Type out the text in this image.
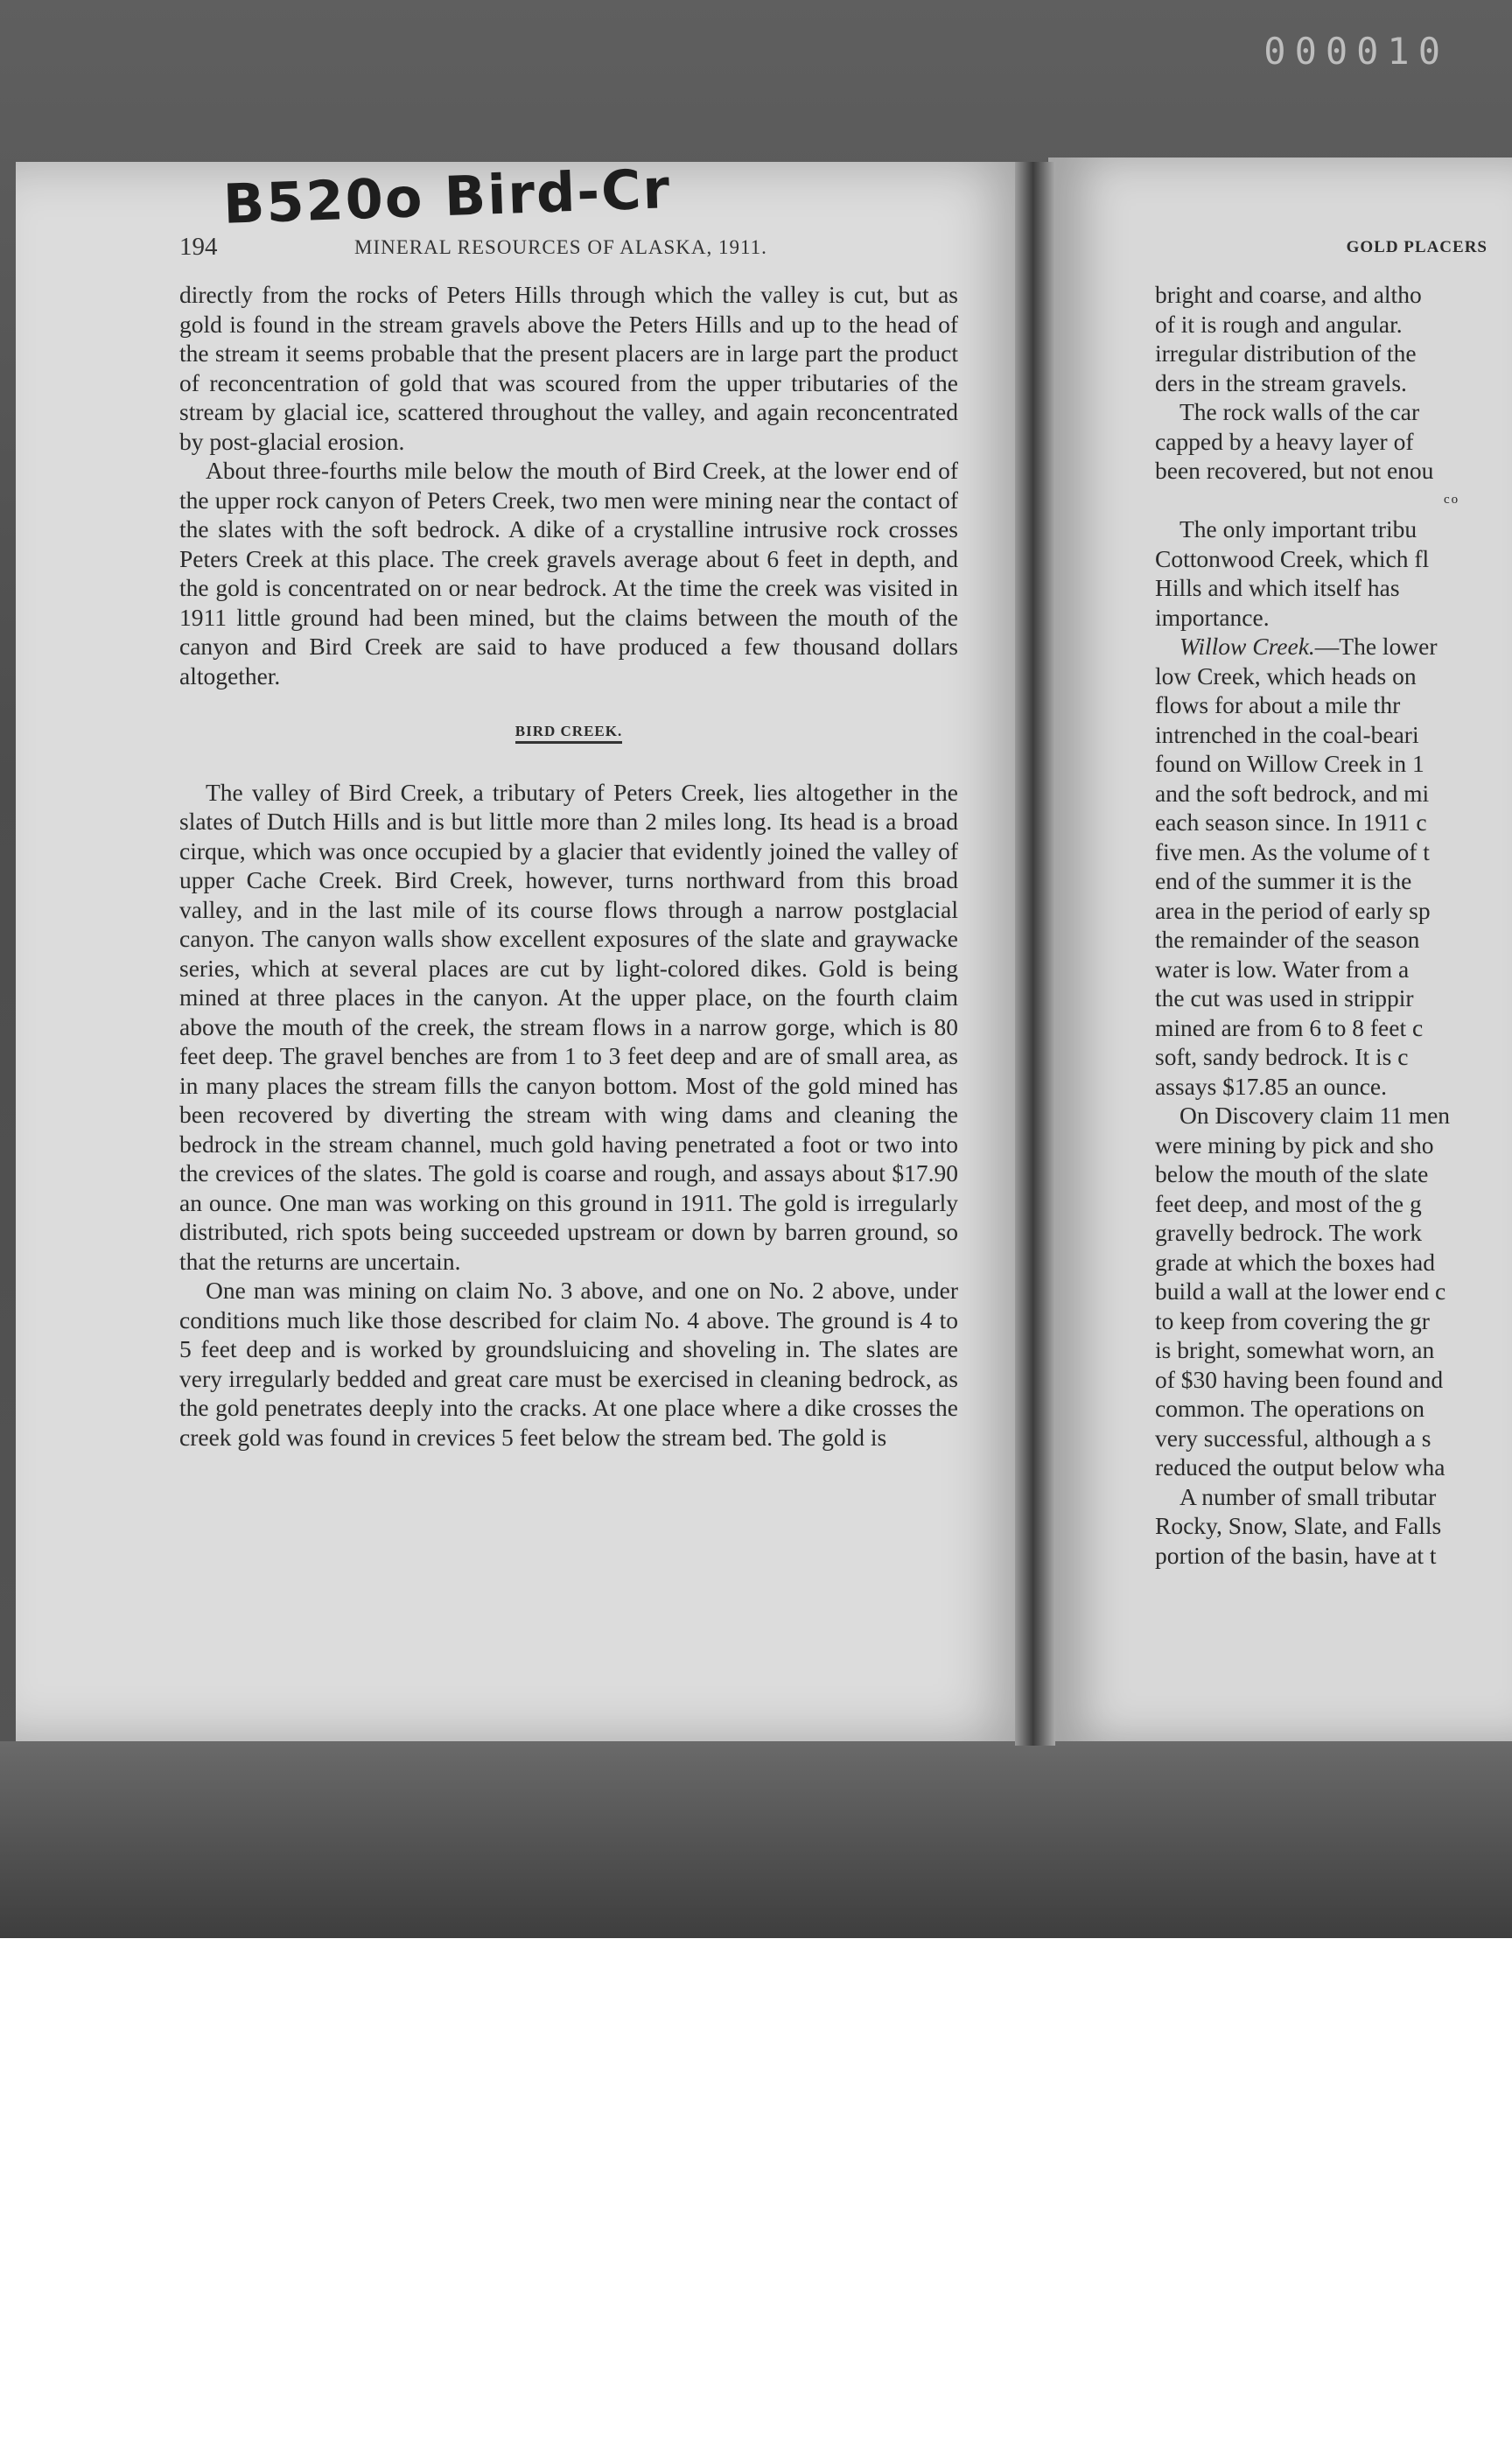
000010
B520o Bird-Cr
194	MINERAL RESOURCES OF ALASKA, 1911.

directly from the rocks of Peters Hills through which the valley is cut, but as gold is found in the stream gravels above the Peters Hills and up to the head of the stream it seems probable that the present placers are in large part the product of reconcentration of gold that was scoured from the upper tributaries of the stream by glacial ice, scattered throughout the valley, and again reconcentrated by post-glacial erosion.

About three-fourths mile below the mouth of Bird Creek, at the lower end of the upper rock canyon of Peters Creek, two men were mining near the contact of the slates with the soft bedrock. A dike of a crystalline intrusive rock crosses Peters Creek at this place. The creek gravels average about 6 feet in depth, and the gold is concentrated on or near bedrock. At the time the creek was visited in 1911 little ground had been mined, but the claims between the mouth of the canyon and Bird Creek are said to have produced a few thousand dollars altogether.

BIRD CREEK.

The valley of Bird Creek, a tributary of Peters Creek, lies altogether in the slates of Dutch Hills and is but little more than 2 miles long. Its head is a broad cirque, which was once occupied by a glacier that evidently joined the valley of upper Cache Creek. Bird Creek, however, turns northward from this broad valley, and in the last mile of its course flows through a narrow postglacial canyon. The canyon walls show excellent exposures of the slate and graywacke series, which at several places are cut by light-colored dikes. Gold is being mined at three places in the canyon. At the upper place, on the fourth claim above the mouth of the creek, the stream flows in a narrow gorge, which is 80 feet deep. The gravel benches are from 1 to 3 feet deep and are of small area, as in many places the stream fills the canyon bottom. Most of the gold mined has been recovered by diverting the stream with wing dams and cleaning the bedrock in the stream channel, much gold having penetrated a foot or two into the crevices of the slates. The gold is coarse and rough, and assays about $17.90 an ounce. One man was working on this ground in 1911. The gold is irregularly distributed, rich spots being succeeded upstream or down by barren ground, so that the returns are uncertain.

One man was mining on claim No. 3 above, and one on No. 2 above, under conditions much like those described for claim No. 4 above. The ground is 4 to 5 feet deep and is worked by groundsluicing and shoveling in. The slates are very irregularly bedded and great care must be exercised in cleaning bedrock, as the gold penetrates deeply into the cracks. At one place where a dike crosses the creek gold was found in crevices 5 feet below the stream bed. The gold is

GOLD PLACERS
bright and coarse, and altho
of it is rough and angular.
irregular distribution of the
ders in the stream gravels.
The rock walls of the car
capped by a heavy layer of
been recovered, but not enou
co
The only important tribu
Cottonwood Creek, which fl
Hills and which itself has
importance.
Willow Creek.—The lower
low Creek, which heads on
flows for about a mile thr
intrenched in the coal-beari
found on Willow Creek in 1
and the soft bedrock, and mi
each season since. In 1911 c
five men. As the volume of t
end of the summer it is the
area in the period of early sp
the remainder of the season
water is low. Water from a
the cut was used in strippir
mined are from 6 to 8 feet c
soft, sandy bedrock. It is c
assays $17.85 an ounce.
On Discovery claim 11 men
were mining by pick and sho
below the mouth of the slate
feet deep, and most of the g
gravelly bedrock. The work
grade at which the boxes had
build a wall at the lower end c
to keep from covering the gr
is bright, somewhat worn, an
of $30 having been found and
common. The operations on
very successful, although a s
reduced the output below wha
A number of small tributar
Rocky, Snow, Slate, and Falls
portion of the basin, have at t
